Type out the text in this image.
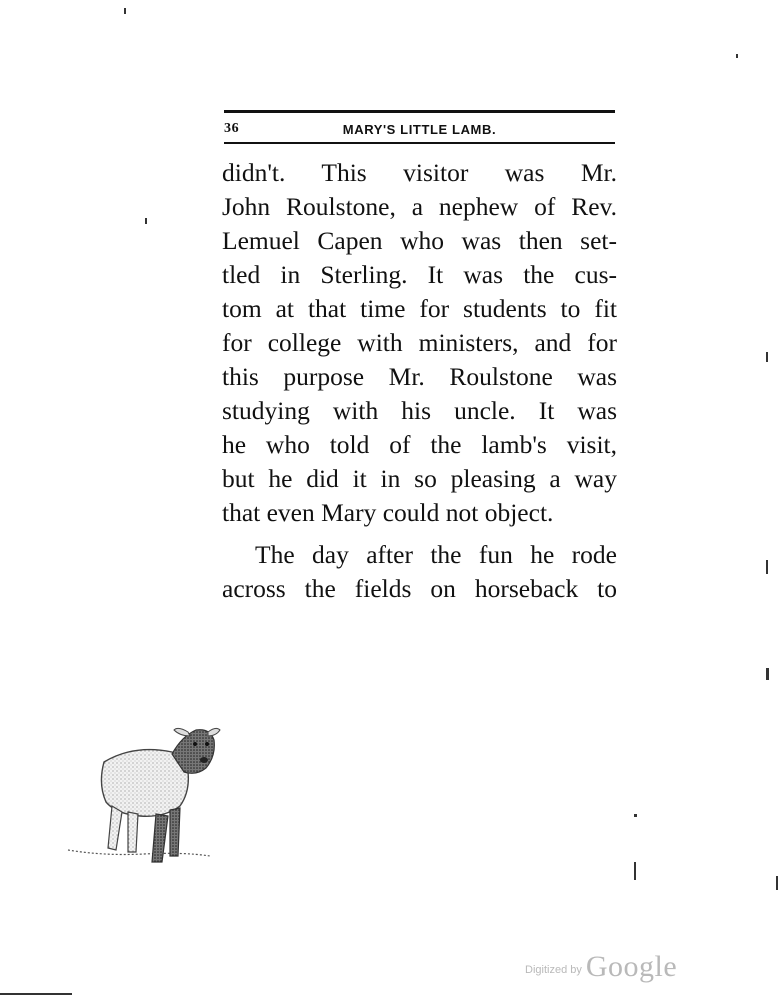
36	MARY'S LITTLE LAMB.
didn't. This visitor was Mr.
John Roulstone, a nephew of Rev.
Lemuel Capen who was then set-
tled in Sterling. It was the cus-
tom at that time for students to fit
for college with ministers, and for
this purpose Mr. Roulstone was
studying with his uncle. It was
he who told of the lamb's visit,
but he did it in so pleasing a way
that even Mary could not object.
The day after the fun he rode
across the fields on horseback to
Digitized by Google
